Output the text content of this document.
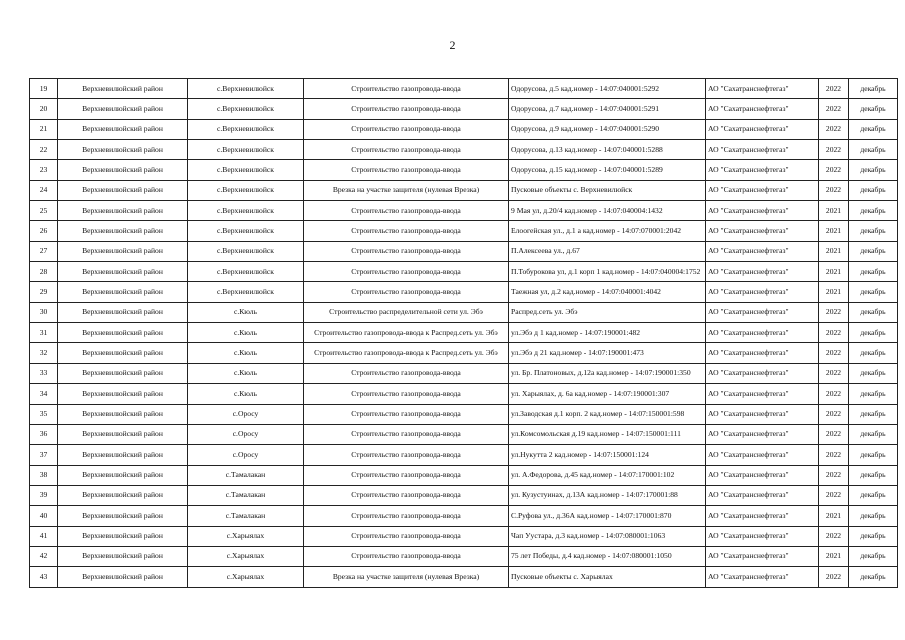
2
19	Верхневилюйский район	с.Верхневилюйск	Строительство газопровода-ввода	Одорусова, д.5 кад.номер - 14:07:040001:5292	АО "Сахатранснефтегаз"	2022	декабрь
20	Верхневилюйский район	с.Верхневилюйск	Строительство газопровода-ввода	Одорусова, д.7 кад.номер - 14:07:040001:5291	АО "Сахатранснефтегаз"	2022	декабрь
21	Верхневилюйский район	с.Верхневилюйск	Строительство газопровода-ввода	Одорусова, д.9 кад.номер - 14:07:040001:5290	АО "Сахатранснефтегаз"	2022	декабрь
22	Верхневилюйский район	с.Верхневилюйск	Строительство газопровода-ввода	Одорусова, д.13 кад.номер - 14:07:040001:5288	АО "Сахатранснефтегаз"	2022	декабрь
23	Верхневилюйский район	с.Верхневилюйск	Строительство газопровода-ввода	Одорусова, д.15 кад.номер - 14:07:040001:5289	АО "Сахатранснефтегаз"	2022	декабрь
24	Верхневилюйский район	с.Верхневилюйск	Врезка на участке защителя (нулевая Врезка)	Пусковые объекты с. Верхневилюйск	АО "Сахатранснефтегаз"	2022	декабрь
25	Верхневилюйский район	с.Верхневилюйск	Строительство газопровода-ввода	9 Мая ул, д.20/4 кад.номер - 14:07:040004:1432	АО "Сахатранснефтегаз"	2021	декабрь
26	Верхневилюйский район	с.Верхневилюйск	Строительство газопровода-ввода	Елоогейская ул., д.1 а кад.номер - 14:07:070001:2042	АО "Сахатранснефтегаз"	2021	декабрь
27	Верхневилюйский район	с.Верхневилюйск	Строительство газопровода-ввода	П.Алексеева ул., д.67	АО "Сахатранснефтегаз"	2021	декабрь
28	Верхневилюйский район	с.Верхневилюйск	Строительство газопровода-ввода	П.Тобурокова ул, д.1 корп 1 кад.номер - 14:07:040004:1752	АО "Сахатранснефтегаз"	2021	декабрь
29	Верхневилюйский район	с.Верхневилюйск	Строительство газопровода-ввода	Таежная ул, д.2 кад.номер - 14:07:040001:4042	АО "Сахатранснефтегаз"	2021	декабрь
30	Верхневилюйский район	с.Кюль	Строительство распределительной сети ул. Эбэ	Распред.сеть ул. Эбэ	АО "Сахатранснефтегаз"	2022	декабрь
31	Верхневилюйский район	с.Кюль	Строительство газопровода-ввода к Распред.сеть ул. Эбэ	ул.Эбэ д 1 кад.номер - 14:07:190001:482	АО "Сахатранснефтегаз"	2022	декабрь
32	Верхневилюйский район	с.Кюль	Строительство газопровода-ввода к Распред.сеть ул. Эбэ	ул.Эбэ д 21 кад.номер - 14:07:190001:473	АО "Сахатранснефтегаз"	2022	декабрь
33	Верхневилюйский район	с.Кюль	Строительство газопровода-ввода	ул. Бр. Платоновых, д.12а кад.номер - 14:07:190001:350	АО "Сахатранснефтегаз"	2022	декабрь
34	Верхневилюйский район	с.Кюль	Строительство газопровода-ввода	ул. Харыялах, д. 6а кад.номер - 14:07:190001:307	АО "Сахатранснефтегаз"	2022	декабрь
35	Верхневилюйский район	с.Оросу	Строительство газопровода-ввода	ул.Заводская д.1 корп. 2 кад.номер - 14:07:150001:598	АО "Сахатранснефтегаз"	2022	декабрь
36	Верхневилюйский район	с.Оросу	Строительство газопровода-ввода	ул.Комсомольская д.19 кад.номер - 14:07:150001:111	АО "Сахатранснефтегаз"	2022	декабрь
37	Верхневилюйский район	с.Оросу	Строительство газопровода-ввода	ул.Нукутта 2 кад.номер - 14:07:150001:124	АО "Сахатранснефтегаз"	2022	декабрь
38	Верхневилюйский район	с.Тамалакан	Строительство газопровода-ввода	ул. А.Федорова, д.45 кад.номер - 14:07:170001:102	АО "Сахатранснефтегаз"	2022	декабрь
39	Верхневилюйский район	с.Тамалакан	Строительство газопровода-ввода	ул. Кузустуинах, д.13А кад.номер - 14:07:170001:88	АО "Сахатранснефтегаз"	2022	декабрь
40	Верхневилюйский район	с.Тамалакан	Строительство газопровода-ввода	С.Руфова ул., д.36А кад.номер - 14:07:170001:870	АО "Сахатранснефтегаз"	2021	декабрь
41	Верхневилюйский район	с.Харыялах	Строительство газопровода-ввода	Чап Уустара, д.3 кад.номер - 14:07:080001:1063	АО "Сахатранснефтегаз"	2022	декабрь
42	Верхневилюйский район	с.Харыялах	Строительство газопровода-ввода	75 лет Победы, д.4 кад.номер - 14:07:080001:1050	АО "Сахатранснефтегаз"	2021	декабрь
43	Верхневилюйский район	с.Харыялах	Врезка на участке защителя (нулевая Врезка)	Пусковые объекты с. Харыялах	АО "Сахатранснефтегаз"	2022	декабрь
